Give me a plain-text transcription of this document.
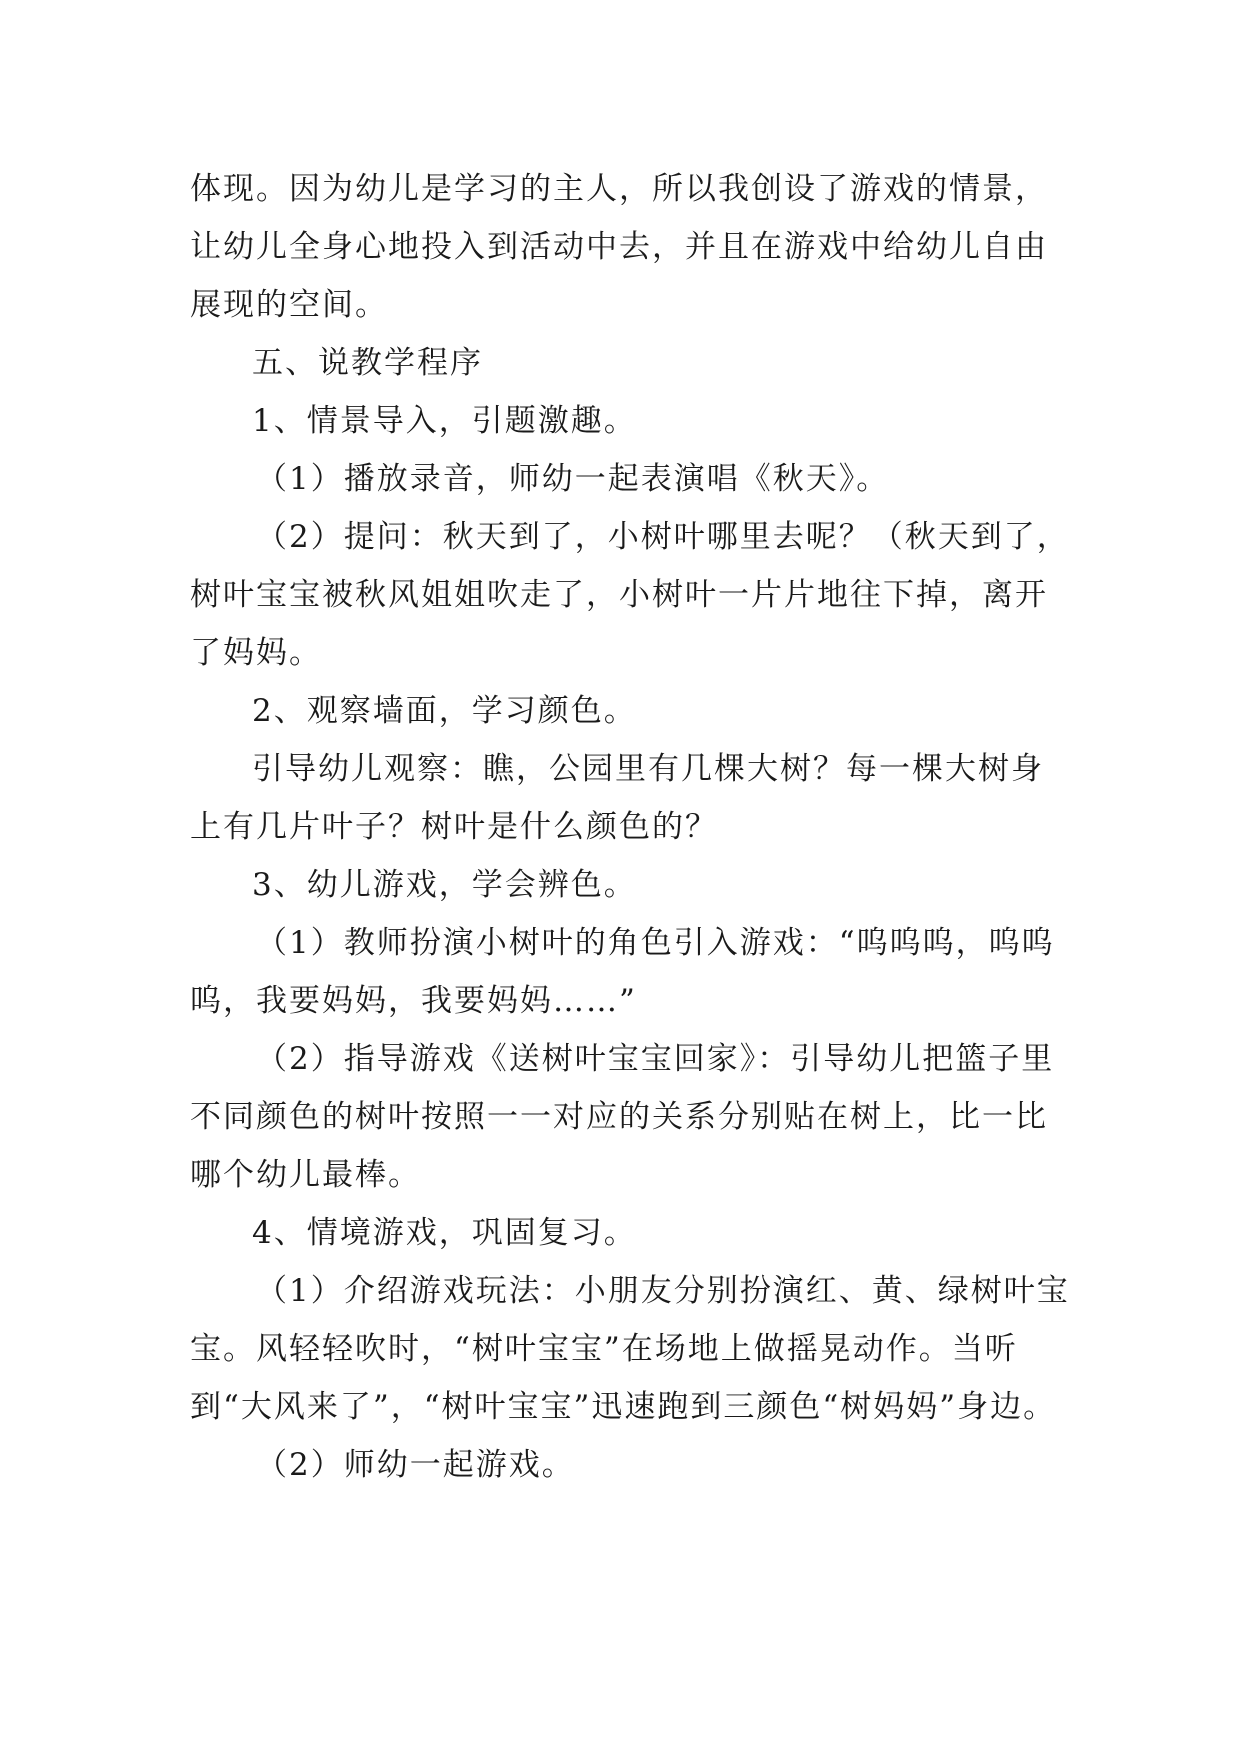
体现。因为幼儿是学习的主人，所以我创设了游戏的情景，让幼儿全身心地投入到活动中去，并且在游戏中给幼儿自由展现的空间。

五、说教学程序

1、情景导入，引题激趣。

（1）播放录音，师幼一起表演唱《秋天》。

（2）提问：秋天到了，小树叶哪里去呢？（秋天到了，树叶宝宝被秋风姐姐吹走了，小树叶一片片地往下掉，离开了妈妈。

2、观察墙面，学习颜色。

引导幼儿观察：瞧，公园里有几棵大树？每一棵大树身上有几片叶子？树叶是什么颜色的？

3、幼儿游戏，学会辨色。

（1）教师扮演小树叶的角色引入游戏：“呜呜呜，呜呜呜，我要妈妈，我要妈妈……”

（2）指导游戏《送树叶宝宝回家》：引导幼儿把篮子里不同颜色的树叶按照一一对应的关系分别贴在树上，比一比哪个幼儿最棒。

4、情境游戏，巩固复习。

（1）介绍游戏玩法：小朋友分别扮演红、黄、绿树叶宝宝。风轻轻吹时，“树叶宝宝”在场地上做摇晃动作。当听到“大风来了”，“树叶宝宝”迅速跑到三颜色“树妈妈”身边。

（2）师幼一起游戏。
